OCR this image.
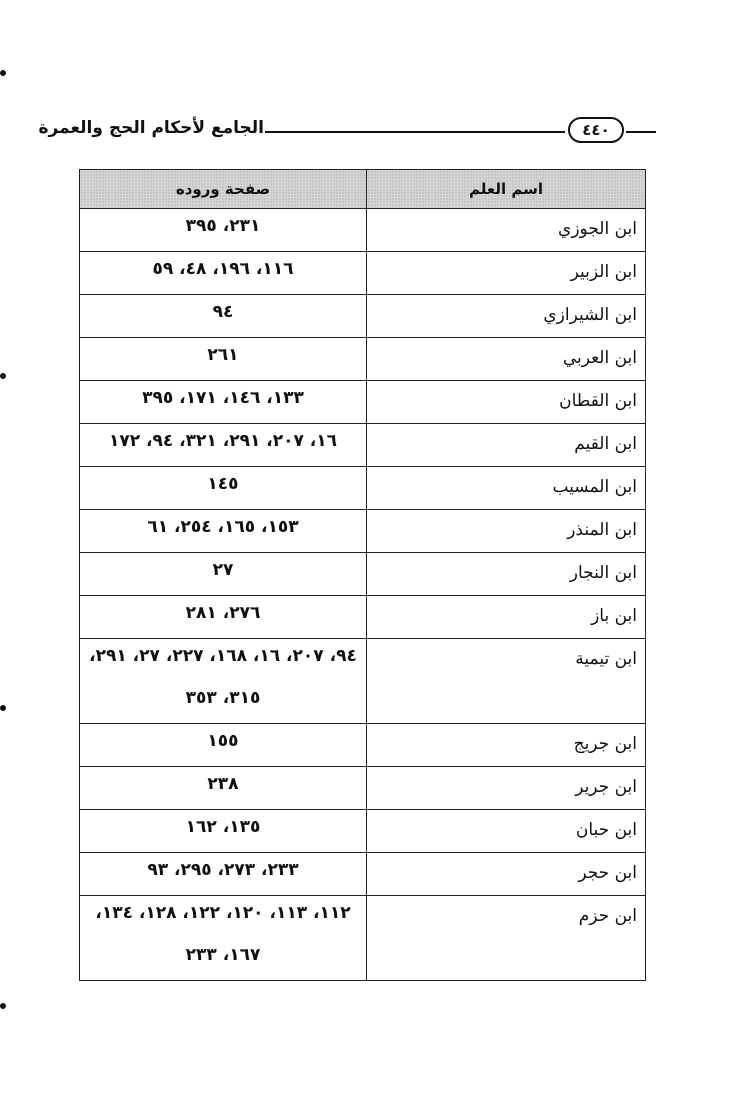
الجامع لأحكام الحج والعمرة	٤٤٠
اسم العلم	صفحة وروده
ابن الجوزي	٢٣١، ٣٩٥

ابن الزبير	١١٦، ١٩٦، ٤٨، ٥٩

ابن الشيرازي	٩٤

ابن العربي	٢٦١

ابن القطان	١٣٣، ١٤٦، ١٧١، ٣٩٥

ابن القيم	١٦، ٢٠٧، ٢٩١، ٣٢١، ٩٤، ١٧٢

ابن المسيب	١٤٥

ابن المنذر	١٥٣، ١٦٥، ٢٥٤، ٦١

ابن النجار	٢٧

ابن باز	٢٧٦، ٢٨١

ابن تيمية	٩٤، ٢٠٧، ١٦، ١٦٨، ٢٢٧، ٢٧، ٢٩١،
٣١٥، ٣٥٣

ابن جريج	١٥٥

ابن جرير	٢٣٨

ابن حبان	١٣٥، ١٦٢

ابن حجر	٢٣٣، ٢٧٣، ٢٩٥، ٩٣

ابن حزم	١١٢، ١١٣، ١٢٠، ١٢٢، ١٢٨، ١٣٤،
١٦٧، ٢٣٣
